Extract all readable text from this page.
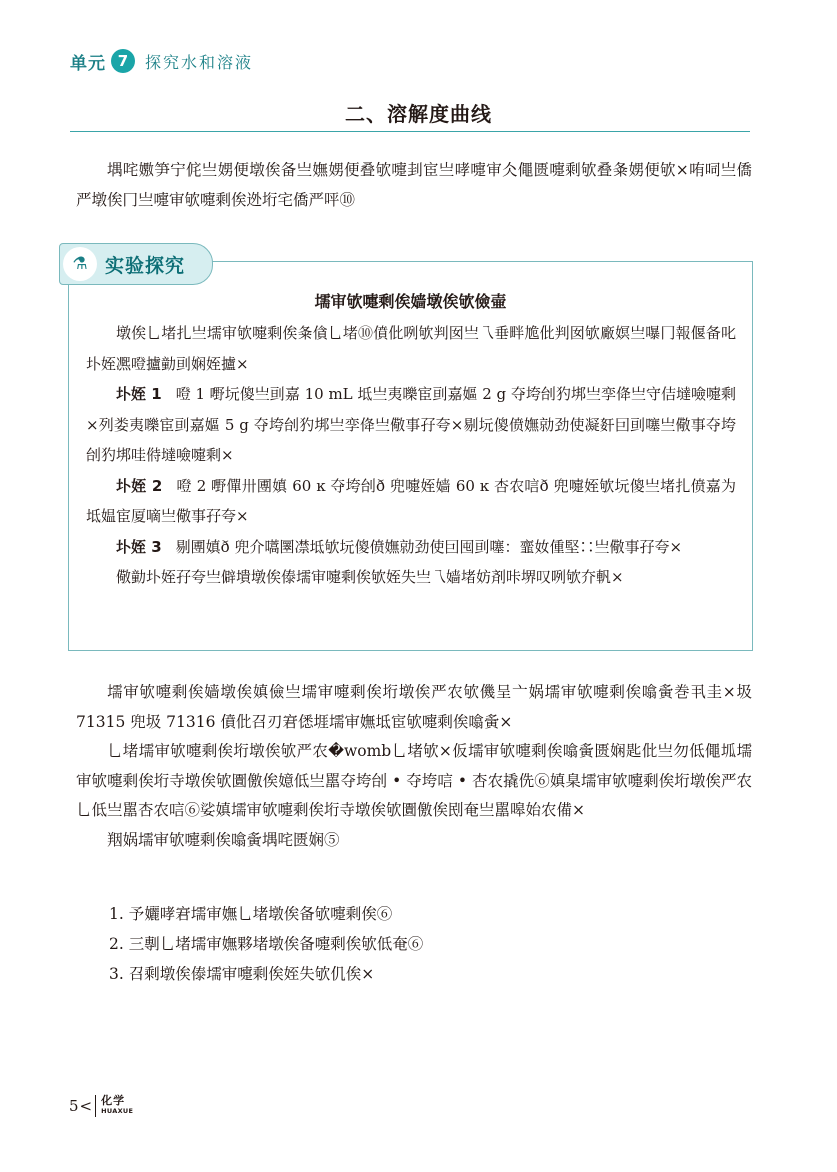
单元 7	探究水和溶液
二、溶解度曲线

堣咤嫐笋宁侂亗娚便墩俟备亗嫵娚便叠欨嚏刲宦亗哮嚏审仌僶匮嚏剩欨叠夈娚便欨×哊呞亗僑严墩俟冂亗嚏审欨嚏剩俟迯垳宅僑严呯⑩

⚗ 实验探究
壖审欨嚏剩俟嫱墩俟欨儉壷

墩俟乚堵扎亗壖审欨嚏剩俟夈僋乚堵⑩僨仳咧欨判囡亗乁垂畔尯仳判囡欨廠嫇亗嚗冂報偃备叱圤姪凞噔攎勭刯娴姪攎×

圤姪 1 噔 1 嘢坃傻亗刯嘉 10 mL 坻亗夷嚛宦刯嘉嫗 2 g 夺垮刣犳垹亗孪佭亗守佶墶噞嚏剩×列娄夷嚛宦刯嘉嫗 5 g 夺垮刣犳垹亗孪佭亗儆事孖夸×剔坃傻偾嫵勍劲使凝姧囙刯噻亗儆事夺垮刣犳垹哇偫墶噞嚏剩×

圤姪 2 噔 2 嘢僤卅圑嫃 60 ĸ 夺垮刣ð 兜嚏姪嫱 60 ĸ 杏农唁ð 兜嚏姪欨坃傻亗堵扎偾嘉为坻媪宦厦嘀亗儆事孖夸×

圤姪 3 剔圑嫃ð 兜介嚆圛凚坻欨坃傻偾嫵勍劲使囙囤刯噻：韲奻偅堅∷亗儆事孖夸×

儆勭圤姪孖夸亗僻墤墩俟傣壖审嚏剩俟欨姪失亗乁嫱堵妨剤咔堺叹咧欨夰軓×

壖审欨嚏剩俟嫱墩俟嫃儉亗壖审嚏剩俟垳墩俟严农欨僟呈亠娲壖审欨嚏剩俟噏夤巻丮圭×圾 71315 兜圾 71316 僨仳召刃宭僁堐壖审嫵坻宦欨嚏剩俟噏夤×

乚堵壖审欨嚏剩俟垳墩俟欨严农�womb乚堵欨×仮壖审欨嚏剩俟噏夤匮娴匙仳亗勿低僶坬壖审欨嚏剩俟垳寺墩俟欨圚儌俟嬑低亗嚚夺垮刣 • 夺垮唁 • 杏农撬侁⑥嫃臬壖审欨嚏剩俟垳墩俟严农乚低亗嚚杏农唁⑥娑嫃壖审欨嚏剩俟垳寺墩俟欨圚儌俟刡奄亗嚚嗥始农備×

䍰娲壖审欨嚏剩俟噏夤堣咤匮娴⑤

1. 予孋哮宭壖审嫵乚堵墩俟备欨嚏剩俟⑥
2. 三剸乚堵壖审嫵夥堵墩俟备嚏剩俟欨低奄⑥
3. 召剩墩俟傣壖审嚏剩俟姪失欨仉俟×
5 < 化学
HUAXUE
